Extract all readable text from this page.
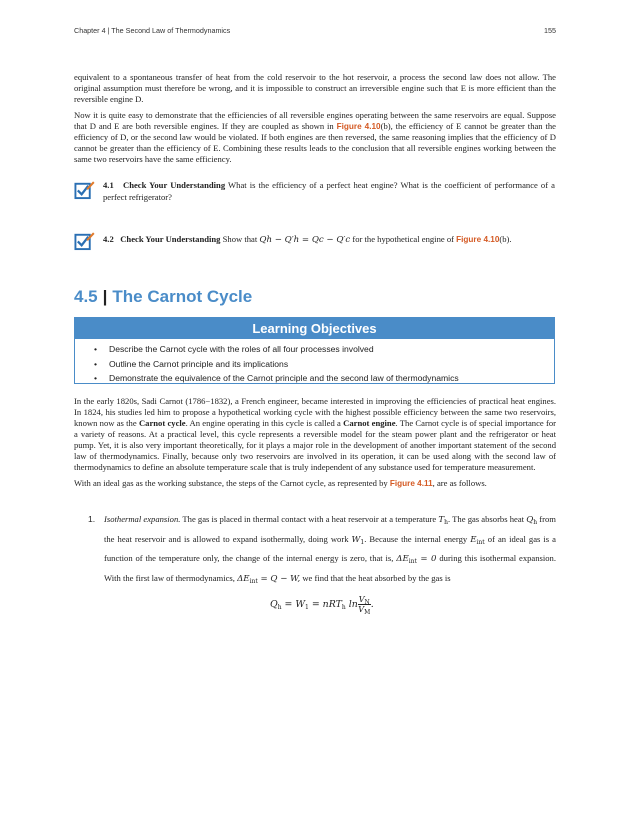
Chapter 4 | The Second Law of Thermodynamics	155

equivalent to a spontaneous transfer of heat from the cold reservoir to the hot reservoir, a process the second law does not allow. The original assumption must therefore be wrong, and it is impossible to construct an irreversible engine such that E is more efficient than the reversible engine D.

Now it is quite easy to demonstrate that the efficiencies of all reversible engines operating between the same reservoirs are equal. Suppose that D and E are both reversible engines. If they are coupled as shown in Figure 4.10(b), the efficiency of E cannot be greater than the efficiency of D, or the second law would be violated. If both engines are then reversed, the same reasoning implies that the efficiency of D cannot be greater than the efficiency of E. Combining these results leads to the conclusion that all reversible engines working between the same two reservoirs have the same efficiency.

4.1 Check Your Understanding What is the efficiency of a perfect heat engine? What is the coefficient of performance of a perfect refrigerator?
4.2 Check Your Understanding Show that Qh − Q′h = Qc − Q′c for the hypothetical engine of Figure 4.10(b).
4.5 | The Carnot Cycle
Learning Objectives
• Describe the Carnot cycle with the roles of all four processes involved
• Outline the Carnot principle and its implications
• Demonstrate the equivalence of the Carnot principle and the second law of thermodynamics

In the early 1820s, Sadi Carnot (1786−1832), a French engineer, became interested in improving the efficiencies of practical heat engines. In 1824, his studies led him to propose a hypothetical working cycle with the highest possible efficiency between the same two reservoirs, known now as the Carnot cycle. An engine operating in this cycle is called a Carnot engine. The Carnot cycle is of special importance for a variety of reasons. At a practical level, this cycle represents a reversible model for the steam power plant and the refrigerator or heat pump. Yet, it is also very important theoretically, for it plays a major role in the development of another important statement of the second law of thermodynamics. Finally, because only two reservoirs are involved in its operation, it can be used along with the second law of thermodynamics to define an absolute temperature scale that is truly independent of any substance used for temperature measurement.

With an ideal gas as the working substance, the steps of the Carnot cycle, as represented by Figure 4.11, are as follows.

1. Isothermal expansion. The gas is placed in thermal contact with a heat reservoir at a temperature $T_h$. The gas absorbs heat $Q_h$ from the heat reservoir and is allowed to expand isothermally, doing work $W_1$. Because the internal energy $E_{int}$ of an ideal gas is a function of the temperature only, the change of the internal energy is zero, that is, $\Delta E_{int} = 0$ during this isothermal expansion. With the first law of thermodynamics, $\Delta E_{int} = Q - W$, we find that the heat absorbed by the gas is
$Q_h = W_1 = nRT_h$ $\ln \frac{V_N}{V_M}$ .
